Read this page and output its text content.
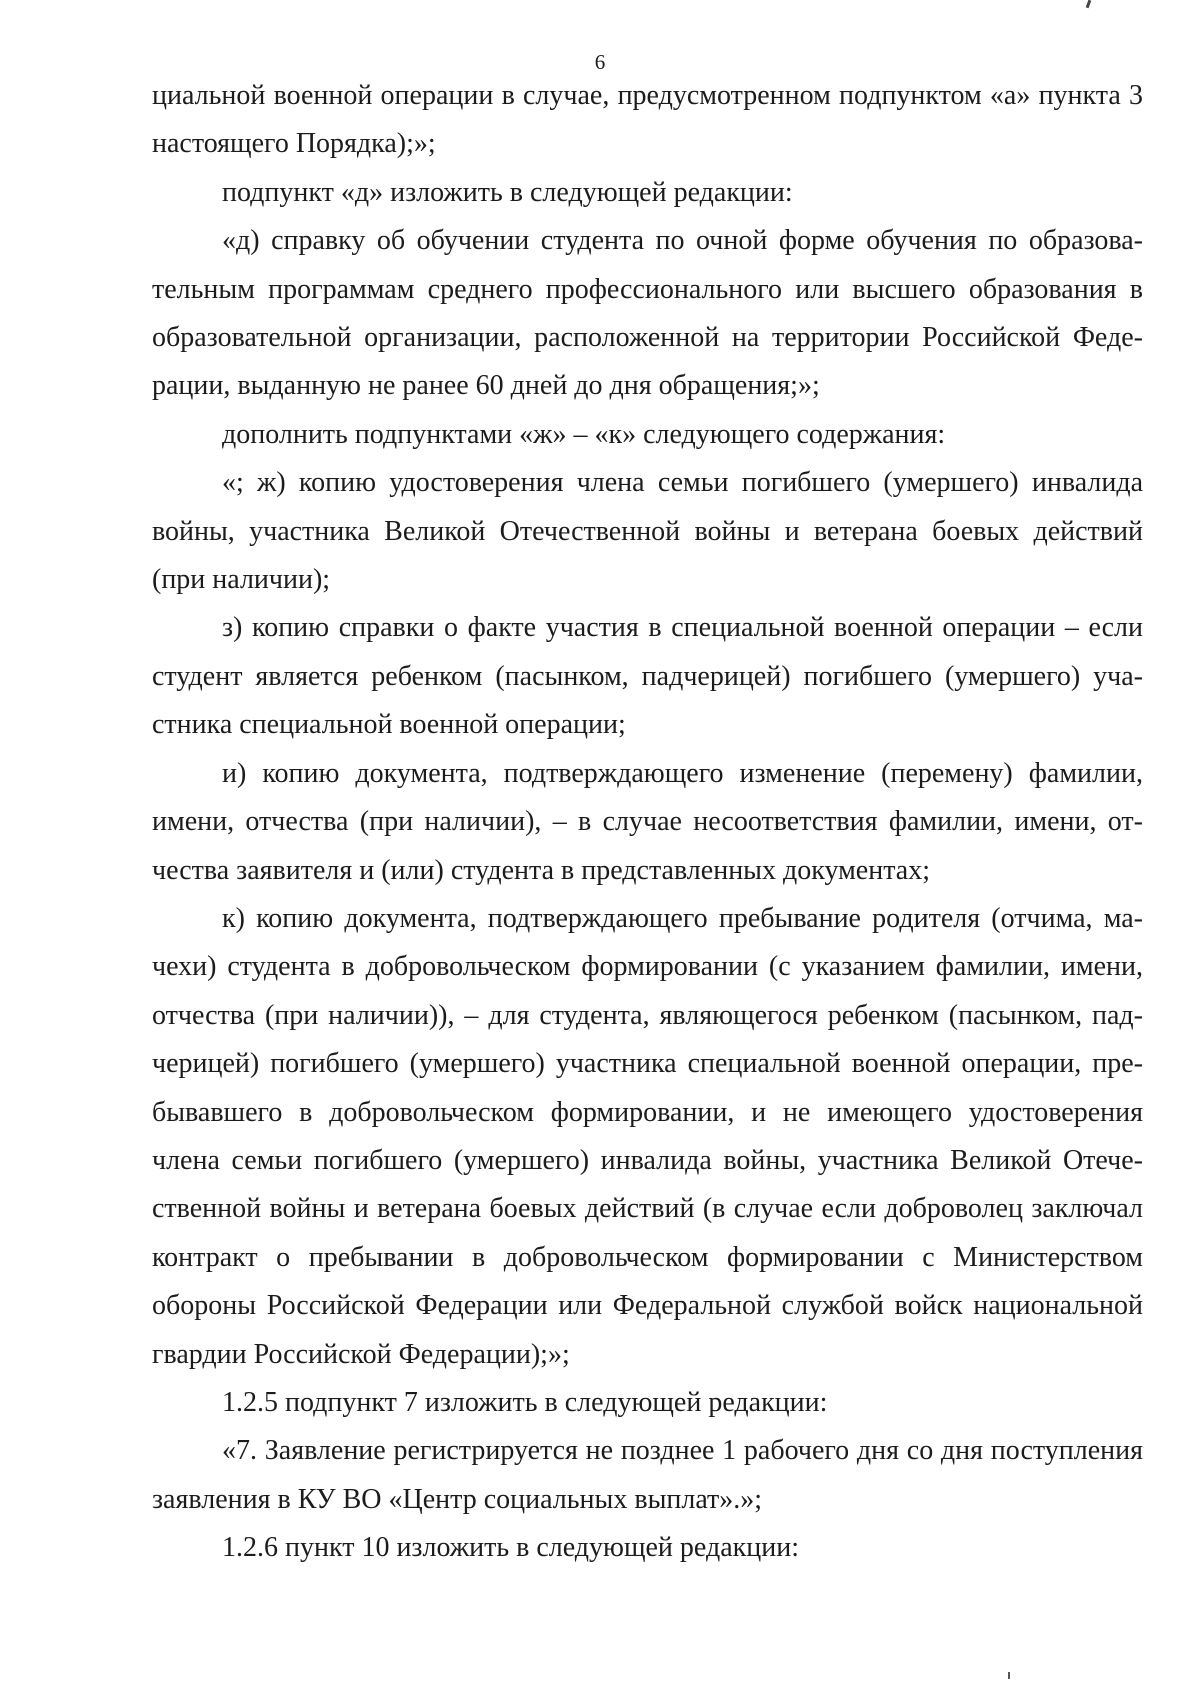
6

циальной военной операции в случае, предусмотренном подпунктом «а» пункта 3 настоящего Порядка);»;

подпункт «д» изложить в следующей редакции:

«д) справку об обучении студента по очной форме обучения по образовательным программам среднего профессионального или высшего образования в образовательной организации, расположенной на территории Российской Федерации, выданную не ранее 60 дней до дня обращения;»;

дополнить подпунктами «ж» – «к» следующего содержания:

«; ж) копию удостоверения члена семьи погибшего (умершего) инвалида войны, участника Великой Отечественной войны и ветерана боевых действий (при наличии);

з) копию справки о факте участия в специальной военной операции – если студент является ребенком (пасынком, падчерицей) погибшего (умершего) участника специальной военной операции;

и) копию документа, подтверждающего изменение (перемену) фамилии, имени, отчества (при наличии), – в случае несоответствия фамилии, имени, отчества заявителя и (или) студента в представленных документах;

к) копию документа, подтверждающего пребывание родителя (отчима, мачехи) студента в добровольческом формировании (с указанием фамилии, имени, отчества (при наличии)), – для студента, являющегося ребенком (пасынком, падчерицей) погибшего (умершего) участника специальной военной операции, пребывавшего в добровольческом формировании, и не имеющего удостоверения члена семьи погибшего (умершего) инвалида войны, участника Великой Отечественной войны и ветерана боевых действий (в случае если доброволец заключал контракт о пребывании в добровольческом формировании с Министерством обороны Российской Федерации или Федеральной службой войск национальной гвардии Российской Федерации);»;

1.2.5 подпункт 7 изложить в следующей редакции:

«7. Заявление регистрируется не позднее 1 рабочего дня со дня поступления заявления в КУ ВО «Центр социальных выплат».»;

1.2.6 пункт 10 изложить в следующей редакции:
